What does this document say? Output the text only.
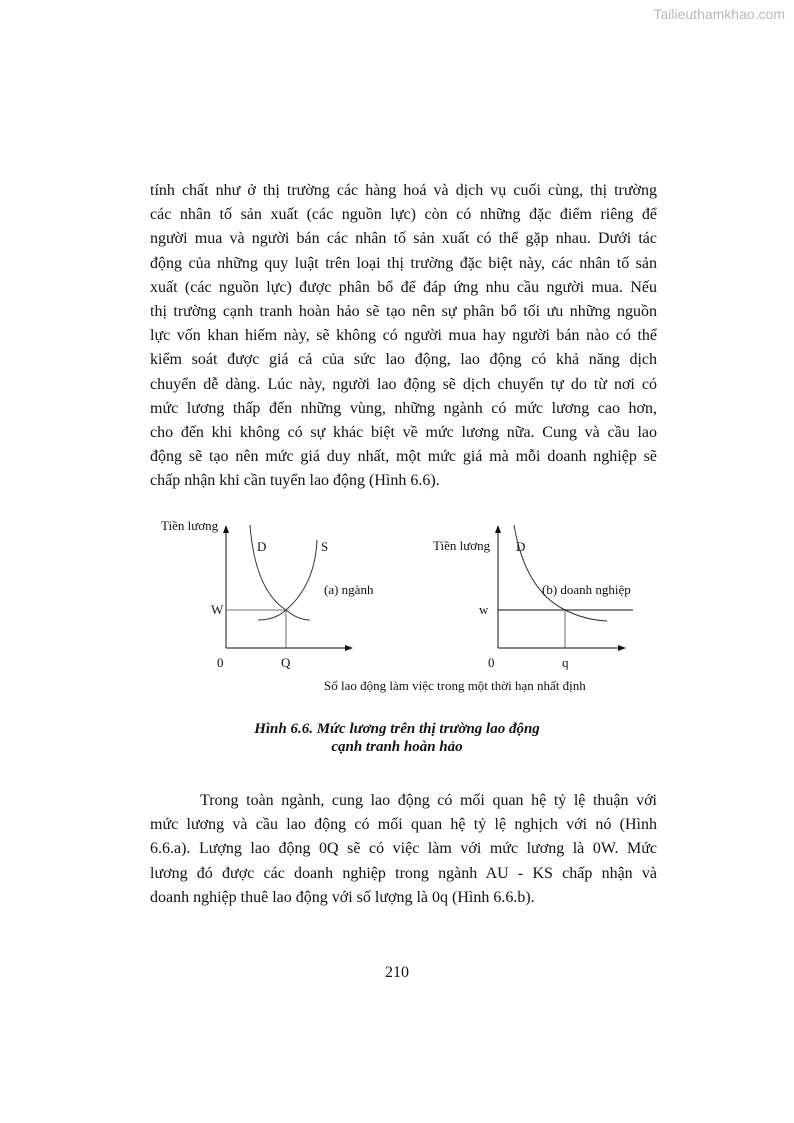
Tailieuthamkhao.com
tính chất như ở thị trường các hàng hoá và dịch vụ cuối cùng, thị trường
các nhân tố sản xuất (các nguồn lực) còn có những đặc điểm riêng để
người mua và người bán các nhân tố sản xuất có thể gặp nhau. Dưới tác
động của những quy luật trên loại thị trường đặc biệt này, các nhân tố sản
xuất (các nguồn lực) được phân bổ để đáp ứng nhu cầu người mua. Nếu
thị trường cạnh tranh hoàn hảo sẽ tạo nên sự phân bổ tối ưu những nguồn
lực vốn khan hiếm này, sẽ không có người mua hay người bán nào có thể
kiểm soát được giá cả của sức lao động, lao động có khả năng dịch
chuyển dễ dàng. Lúc này, người lao động sẽ dịch chuyển tự do từ nơi có
mức lương thấp đến những vùng, những ngành có mức lương cao hơn,
cho đến khi không có sự khác biệt về mức lương nữa. Cung và cầu lao
động sẽ tạo nên mức giá duy nhất, một mức giá mà mỗi doanh nghiệp sẽ
chấp nhận khi cần tuyển lao động (Hình 6.6).
Tiền lương
D	S
(a) ngành
W
0	Q
Tiền lương D
(b) doanh nghiệp
w
0	q
Số lao động làm việc trong một thời hạn nhất định
Hình 6.6. Mức lương trên thị trường lao động
cạnh tranh hoàn hảo
Trong toàn ngành, cung lao động có mối quan hệ tỷ lệ thuận với
mức lương và cầu lao động có mối quan hệ tỷ lệ nghịch với nó (Hình
6.6.a). Lượng lao động 0Q sẽ có việc làm với mức lương là 0W. Mức
lương đó được các doanh nghiệp trong ngành AU - KS chấp nhận và
doanh nghiệp thuê lao động với số lượng là 0q (Hình 6.6.b).
210
